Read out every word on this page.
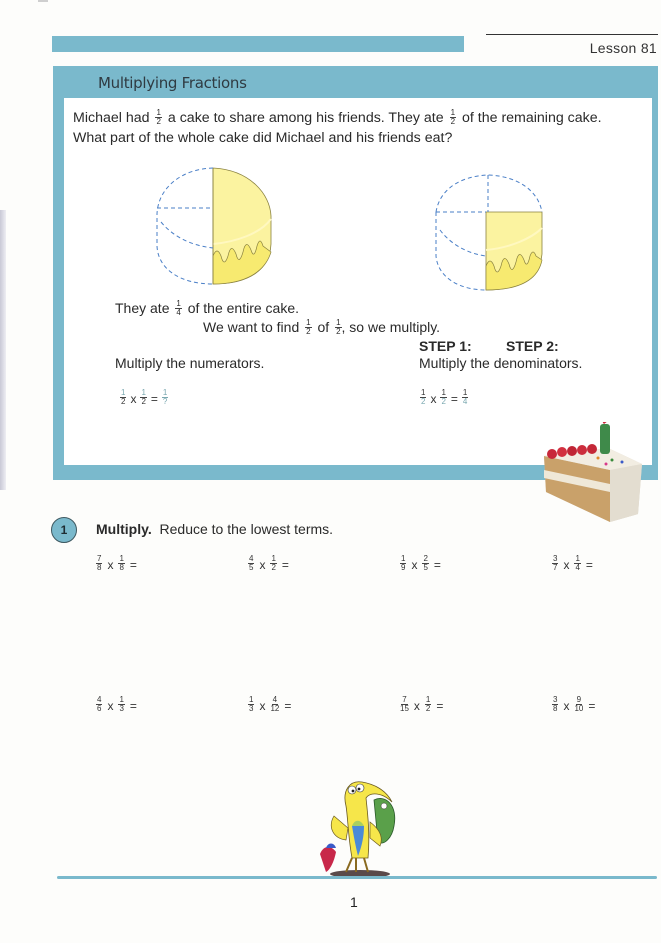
Lesson 81
Multiplying Fractions
Michael had $\frac{1}{2}$ a cake to share among his friends. They ate $\frac{1}{2}$ of the remaining cake. What part of the whole cake did Michael and his friends eat?
They ate $\frac{1}{4}$ of the entire cake.
We want to find $\frac{1}{2}$ of $\frac{1}{2}$ , so we multiply.
STEP 1: STEP 2:
Multiply the numerators.	Multiply the denominators.
$\frac{1}{2}$ x $\frac{1}{2} = \frac{1}{?}$	$\frac{1}{2}$ x $\frac{1}{2} = \frac{1}{4}$
1	Multiply. Reduce to the lowest terms.
$\frac{7}{8}$ x $\frac{1}{8}$ =	$\frac{4}{5}$ x $\frac{1}{2}$ =	$\frac{1}{9}$ x $\frac{2}{5}$ =	$\frac{3}{7}$ x $\frac{1}{4}$ =
$\frac{4}{6}$ x $\frac{1}{3}$ =	$\frac{1}{3}$ x $\frac{4}{12}$ =	$\frac{7}{15}$ x $\frac{1}{2}$ =	$\frac{3}{8}$ x $\frac{9}{10}$ =
1
